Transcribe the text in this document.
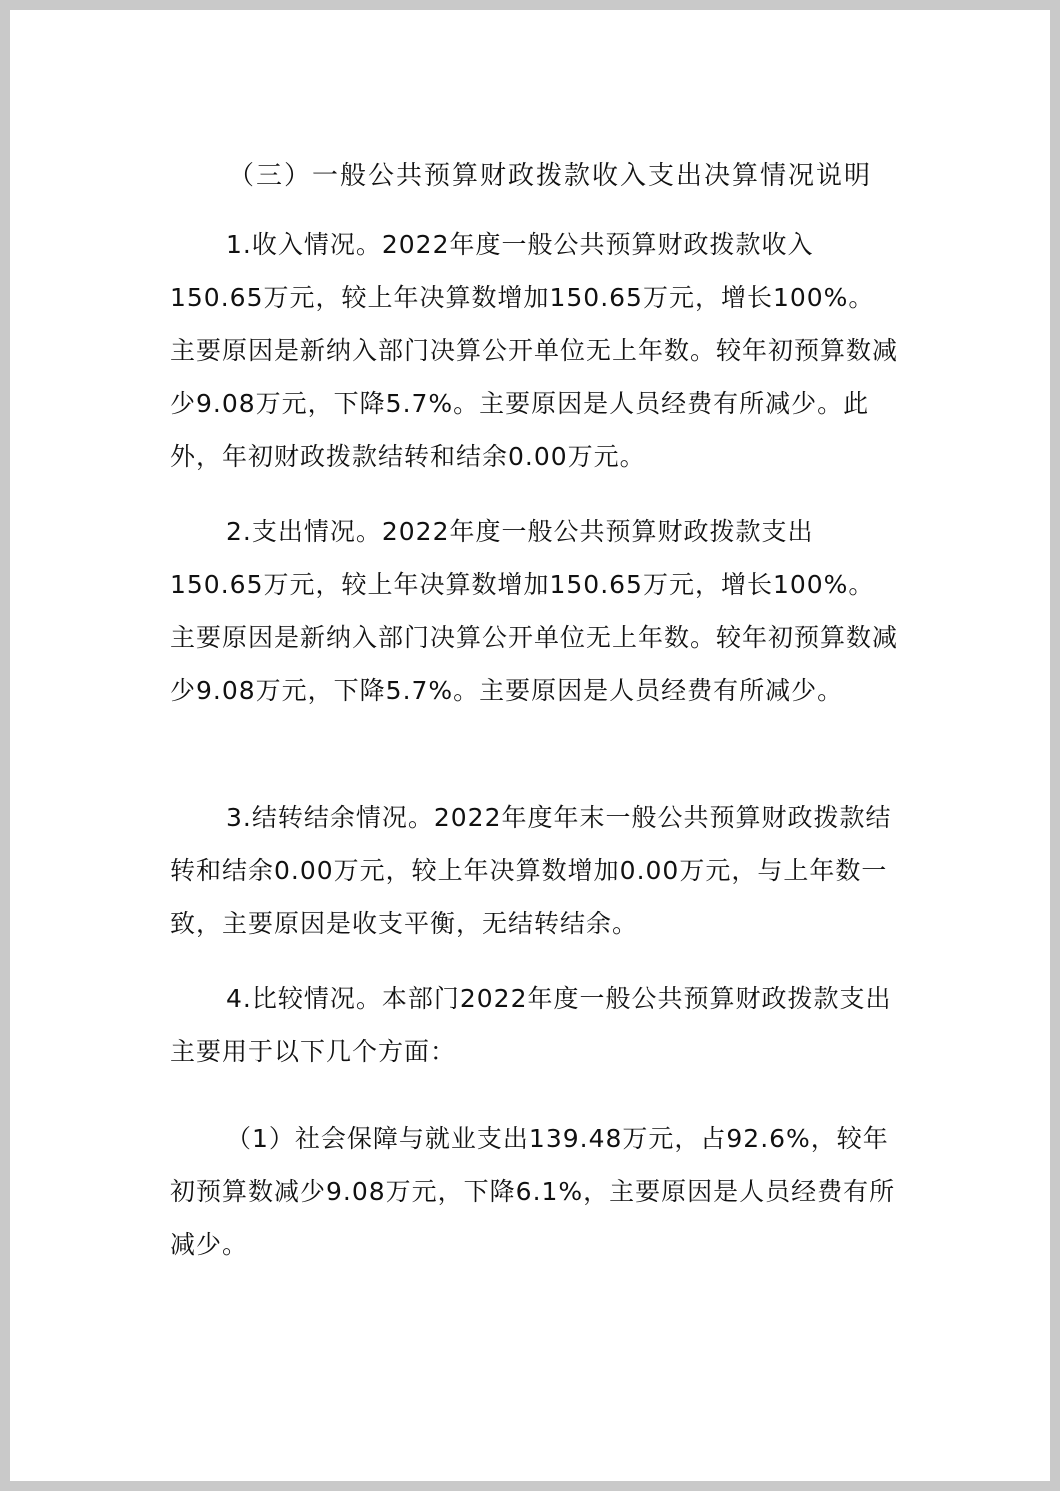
（三）一般公共预算财政拨款收入支出决算情况说明

1.收入情况。2022年度一般公共预算财政拨款收入150.65万元，较上年决算数增加150.65万元，增长100%。主要原因是新纳入部门决算公开单位无上年数。较年初预算数减少9.08万元，下降5.7%。主要原因是人员经费有所减少。此外，年初财政拨款结转和结余0.00万元。

2.支出情况。2022年度一般公共预算财政拨款支出150.65万元，较上年决算数增加150.65万元，增长100%。主要原因是新纳入部门决算公开单位无上年数。较年初预算数减少9.08万元，下降5.7%。主要原因是人员经费有所减少。

3.结转结余情况。2022年度年末一般公共预算财政拨款结转和结余0.00万元，较上年决算数增加0.00万元，与上年数一致，主要原因是收支平衡，无结转结余。

4.比较情况。本部门2022年度一般公共预算财政拨款支出主要用于以下几个方面：

（1）社会保障与就业支出139.48万元，占92.6%，较年初预算数减少9.08万元，下降6.1%，主要原因是人员经费有所减少。
